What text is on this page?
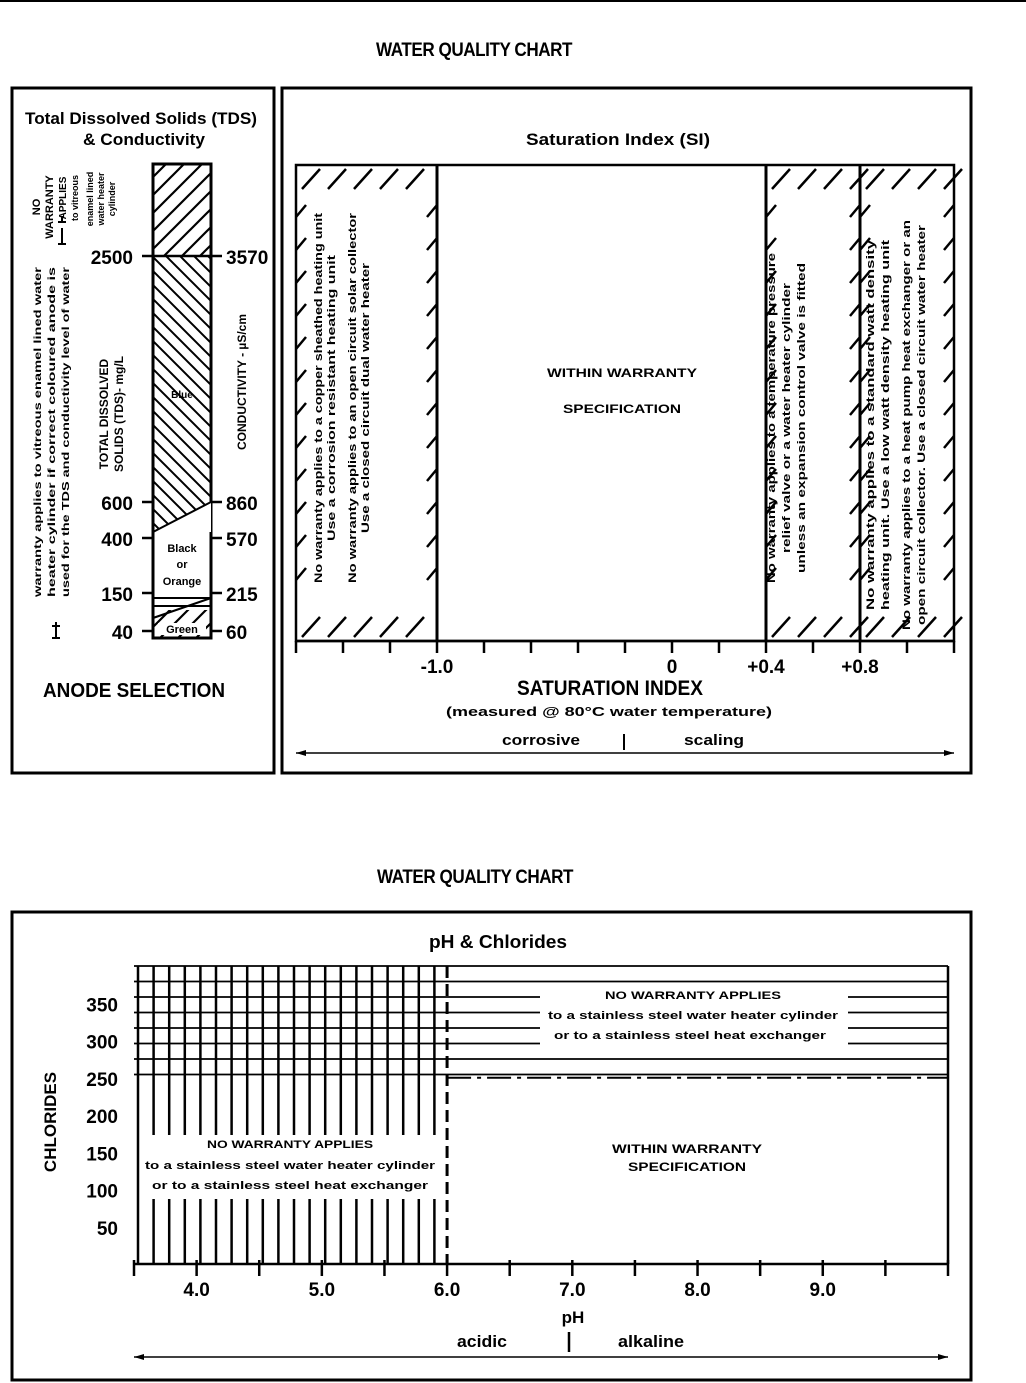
WATER QUALITY CHART
WATER QUALITY CHART
Total Dissolved Solids (TDS)
& Conductivity
Blue
Black
or
Orange
Green
2500	3570
600	860
400	570
150	215
40	60
TOTAL DISSOLVED SOLIDS (TDS)- mg/L	CONDUCTIVITY - µS/cm
warranty applies to vitreous enamel lined water heater cylinder if correct coloured anode is used for the TDS and conductivity level of water
NO WARRANTY APPLIES to vitreous enamel lined water heater cylinder
ANODE SELECTION
Saturation Index (SI)
WITHIN WARRANTY
SPECIFICATION
No warranty applies to a copper sheathed heating unit Use a corrosion resistant heating unit No warranty applies to an open circuit solar collector Use a closed circuit dual water heater	No warranty applies to a temperature pressure relief valve or a water heater cylinder unless an expansion control valve is fitted	No warranty applies to a standard watt density heating unit. Use a low watt density heating unit No warranty applies to a heat pump heat exchanger or an open circuit collector. Use a closed circuit water heater
-1.0	0	+0.4	+0.8
SATURATION INDEX
(measured @ 80°C water temperature)
corrosive	scaling
pH & Chlorides
CHLORIDES
4.0	5.0	6.0	7.0	8.0	9.0
350
300
250
200
150
100
50
NO WARRANTY APPLIES
to a stainless steel water heater cylinder
or to a stainless steel heat exchanger
NO WARRANTY APPLIES
to a stainless steel water heater cylinder
or to a stainless steel heat exchanger
WITHIN WARRANTY
SPECIFICATION
pH
acidic	alkaline
